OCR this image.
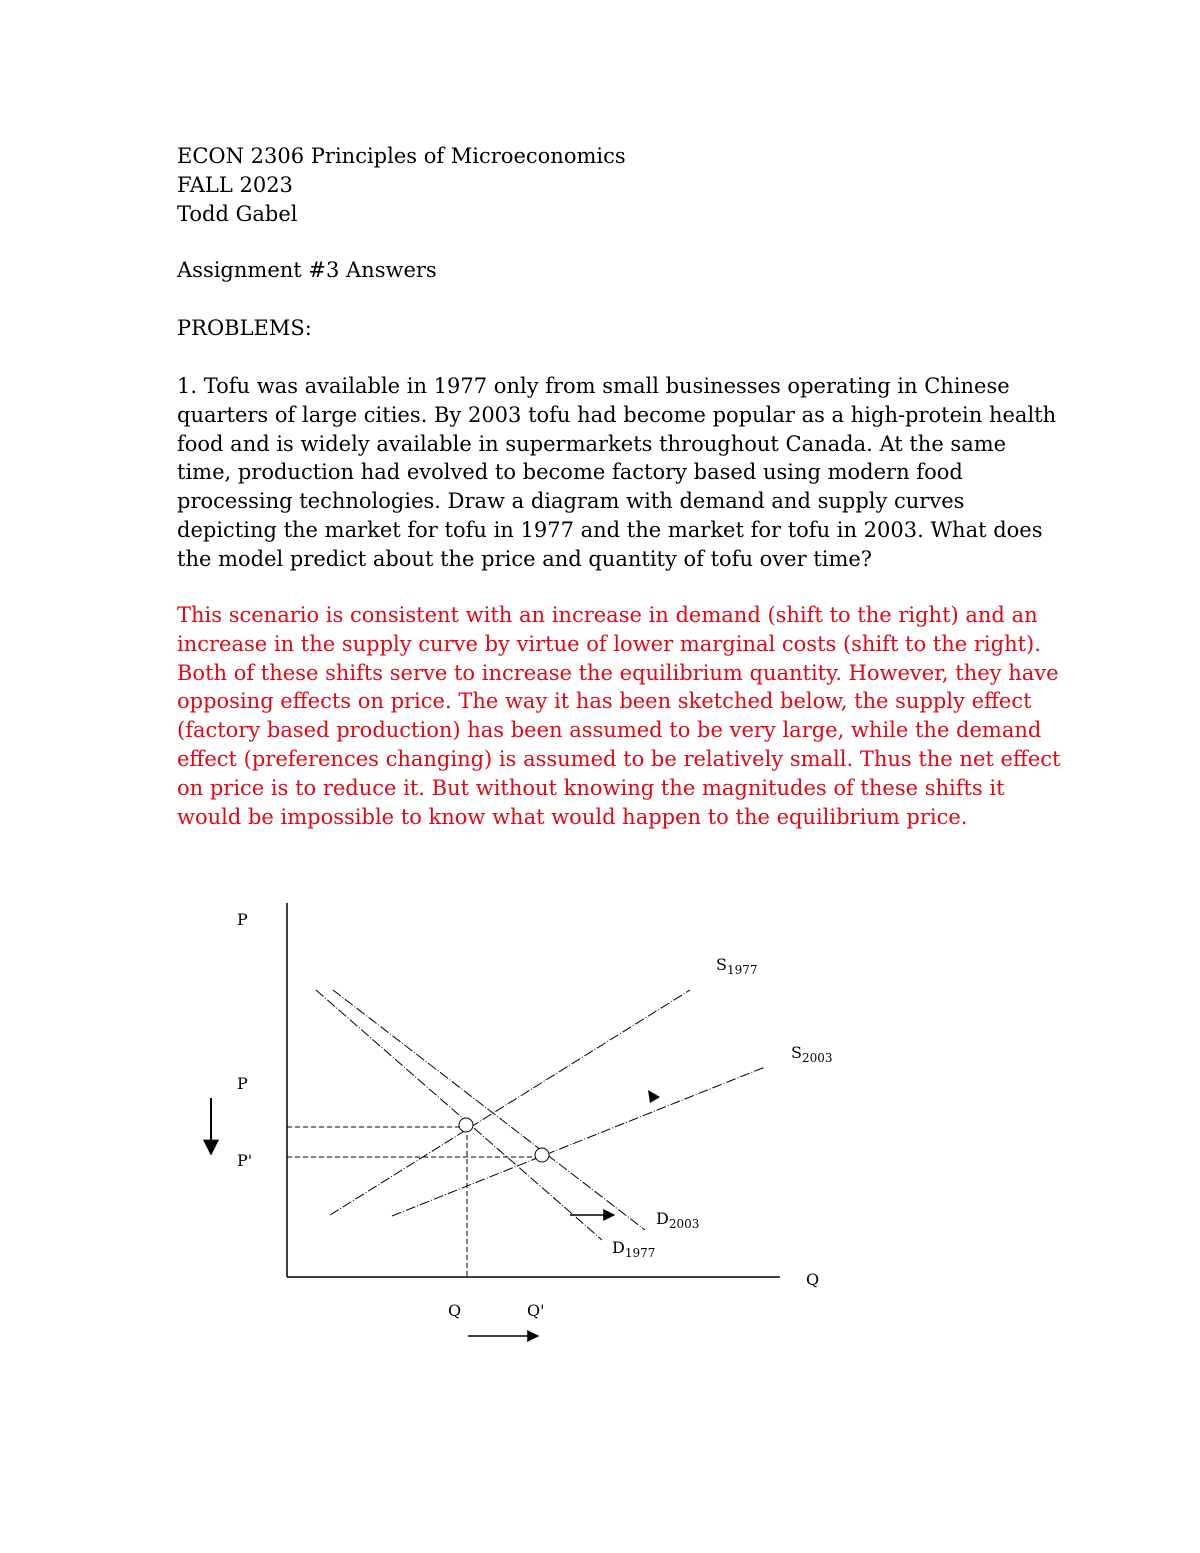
ECON 2306 Principles of Microeconomics
FALL 2023
Todd Gabel
Assignment #3 Answers
PROBLEMS:
1. Tofu was available in 1977 only from small businesses operating in Chinese
quarters of large cities. By 2003 tofu had become popular as a high-protein health
food and is widely available in supermarkets throughout Canada. At the same
time, production had evolved to become factory based using modern food
processing technologies. Draw a diagram with demand and supply curves
depicting the market for tofu in 1977 and the market for tofu in 2003. What does
the model predict about the price and quantity of tofu over time?
This scenario is consistent with an increase in demand (shift to the right) and an
increase in the supply curve by virtue of lower marginal costs (shift to the right).
Both of these shifts serve to increase the equilibrium quantity. However, they have
opposing effects on price. The way it has been sketched below, the supply effect
(factory based production) has been assumed to be very large, while the demand
effect (preferences changing) is assumed to be relatively small. Thus the net effect
on price is to reduce it. But without knowing the magnitudes of these shifts it
would be impossible to know what would happen to the equilibrium price.
P
Q
P
P'
Q	Q'
$S_{1977}$
$S_{2003}$
$D_{2003}$
$D_{1977}$
